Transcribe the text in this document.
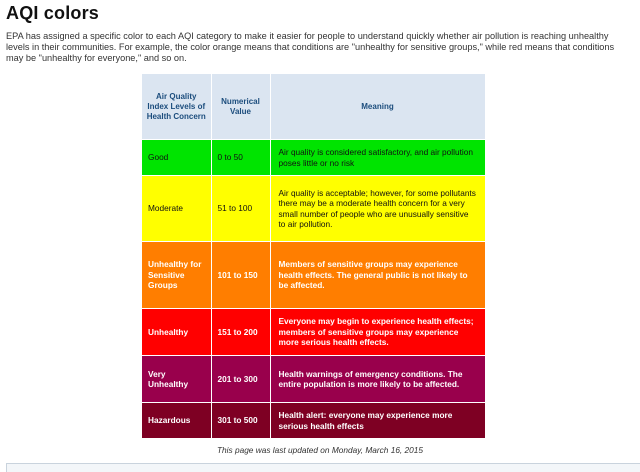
AQI colors

EPA has assigned a specific color to each AQI category to make it easier for people to understand quickly whether air pollution is reaching unhealthy levels in their communities. For example, the color orange means that conditions are "unhealthy for sensitive groups," while red means that conditions may be "unhealthy for everyone," and so on.

Air Quality Index Levels of Health Concern	Numerical Value	Meaning
Good	0 to 50	Air quality is considered satisfactory, and air pollution poses little or no risk
Moderate	51 to 100	Air quality is acceptable; however, for some pollutants there may be a moderate health concern for a very small number of people who are unusually sensitive to air pollution.
Unhealthy for Sensitive Groups	101 to 150	Members of sensitive groups may experience health effects. The general public is not likely to be affected.
Unhealthy	151 to 200	Everyone may begin to experience health effects; members of sensitive groups may experience more serious health effects.
Very Unhealthy	201 to 300	Health warnings of emergency conditions. The entire population is more likely to be affected.
Hazardous	301 to 500	Health alert: everyone may experience more serious health effects
This page was last updated on Monday, March 16, 2015
